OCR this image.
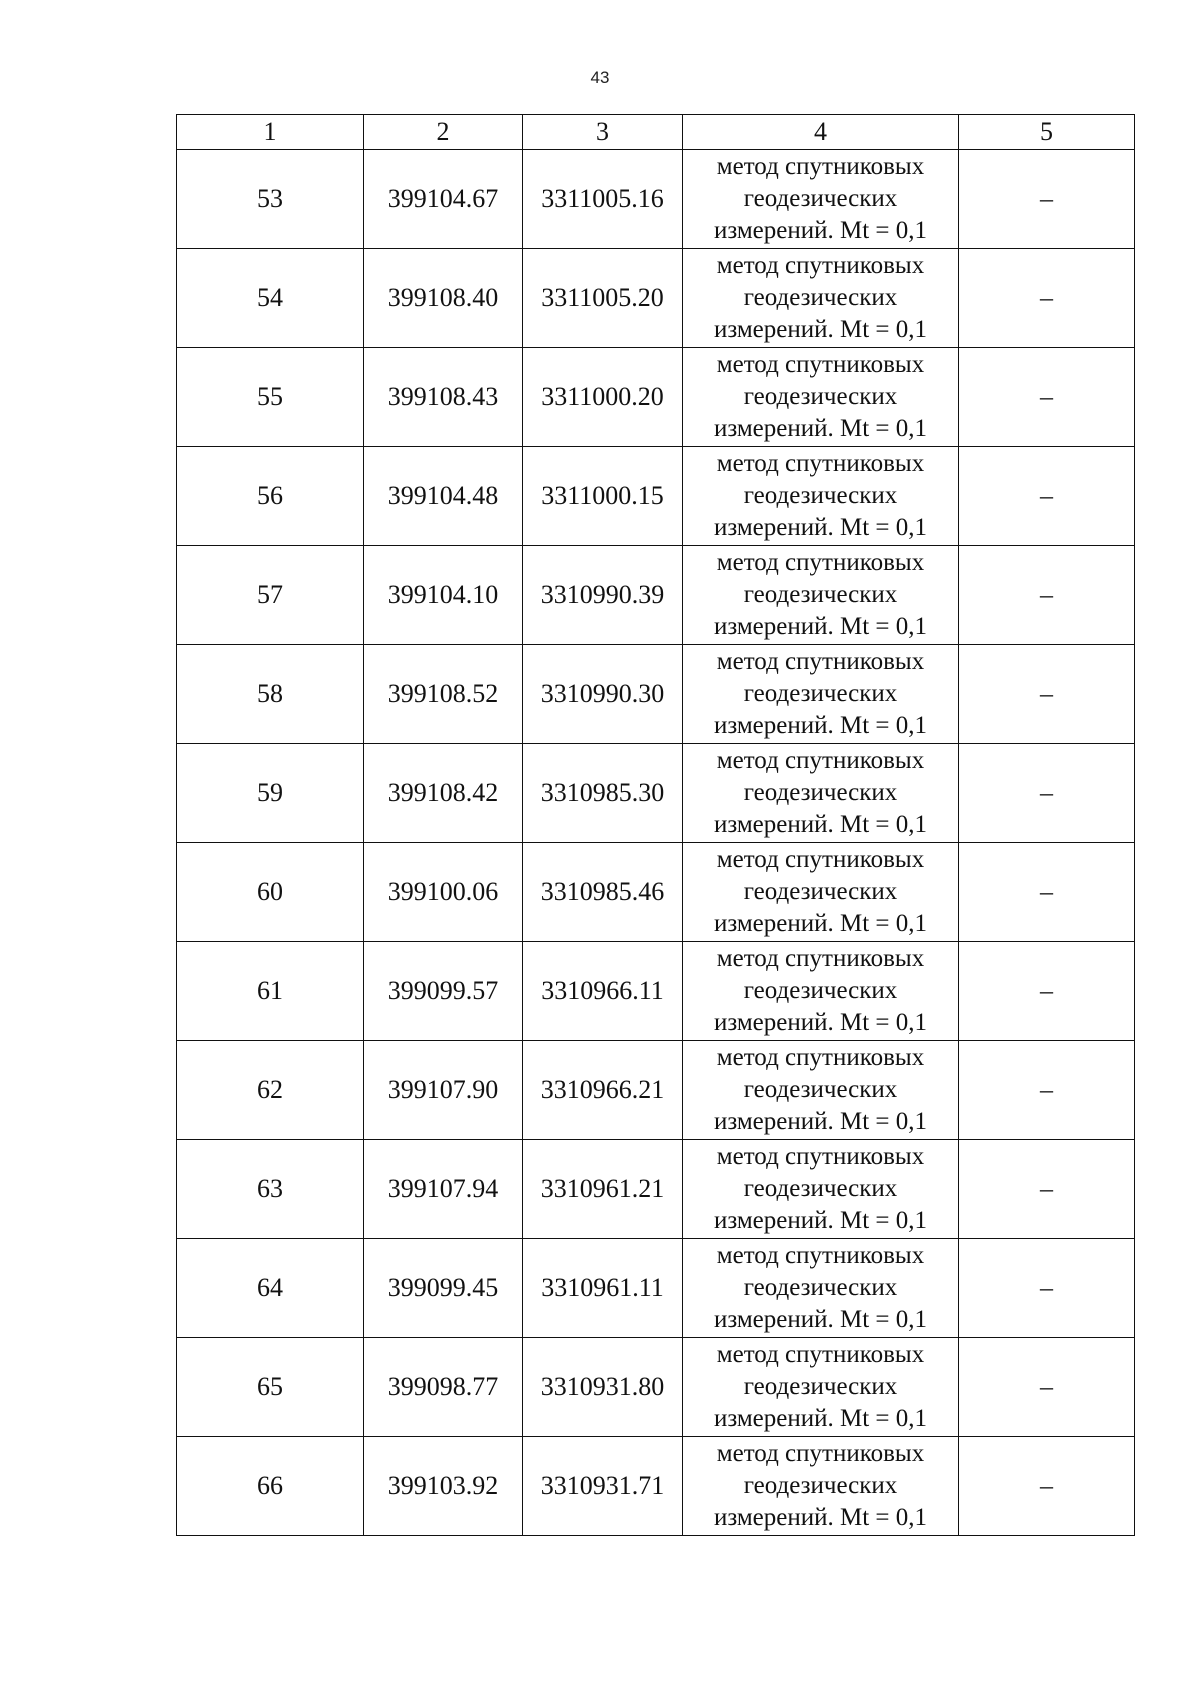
43
1	2	3	4	5
53	399104.67	3311005.16	метод спутниковых
геодезических
измерений. Mt = 0,1	–
54	399108.40	3311005.20	метод спутниковых
геодезических
измерений. Mt = 0,1	–
55	399108.43	3311000.20	метод спутниковых
геодезических
измерений. Mt = 0,1	–
56	399104.48	3311000.15	метод спутниковых
геодезических
измерений. Mt = 0,1	–
57	399104.10	3310990.39	метод спутниковых
геодезических
измерений. Mt = 0,1	–
58	399108.52	3310990.30	метод спутниковых
геодезических
измерений. Mt = 0,1	–
59	399108.42	3310985.30	метод спутниковых
геодезических
измерений. Mt = 0,1	–
60	399100.06	3310985.46	метод спутниковых
геодезических
измерений. Mt = 0,1	–
61	399099.57	3310966.11	метод спутниковых
геодезических
измерений. Mt = 0,1	–
62	399107.90	3310966.21	метод спутниковых
геодезических
измерений. Mt = 0,1	–
63	399107.94	3310961.21	метод спутниковых
геодезических
измерений. Mt = 0,1	–
64	399099.45	3310961.11	метод спутниковых
геодезических
измерений. Mt = 0,1	–
65	399098.77	3310931.80	метод спутниковых
геодезических
измерений. Mt = 0,1	–
66	399103.92	3310931.71	метод спутниковых
геодезических
измерений. Mt = 0,1	–
